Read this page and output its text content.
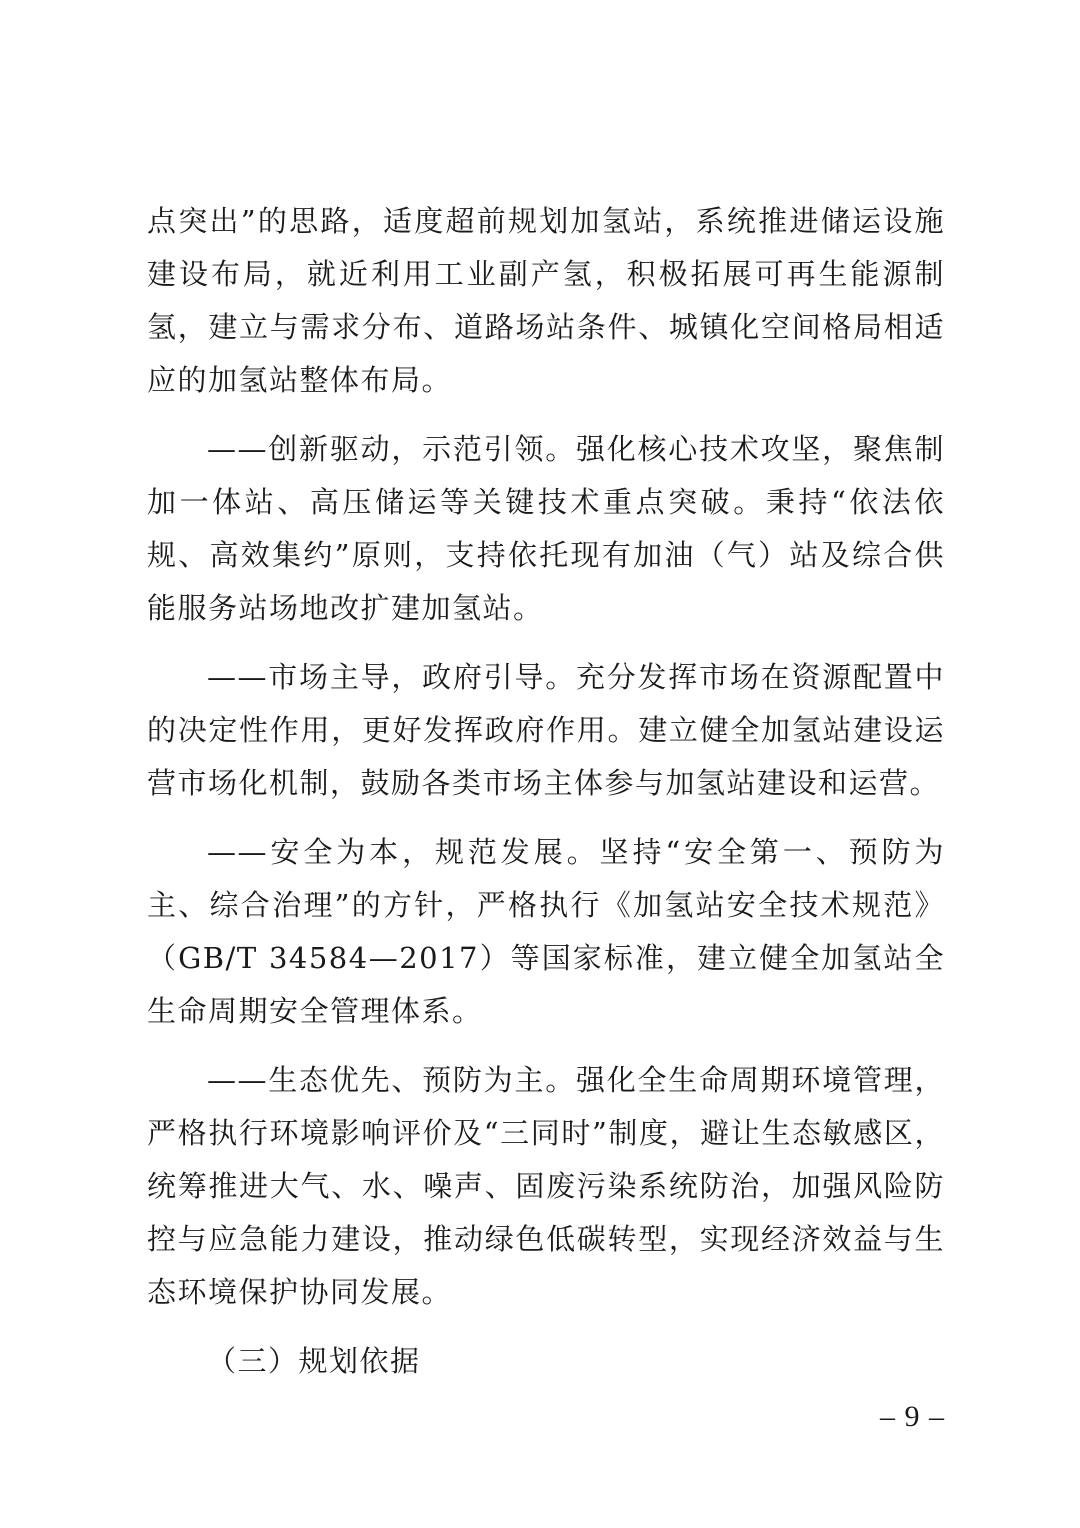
点突出”的思路，适度超前规划加氢站，系统推进储运设施建设布局，就近利用工业副产氢，积极拓展可再生能源制氢，建立与需求分布、道路场站条件、城镇化空间格局相适应的加氢站整体布局。

——创新驱动，示范引领。强化核心技术攻坚，聚焦制加一体站、高压储运等关键技术重点突破。秉持“依法依规、高效集约”原则，支持依托现有加油（气）站及综合供能服务站场地改扩建加氢站。

——市场主导，政府引导。充分发挥市场在资源配置中的决定性作用，更好发挥政府作用。建立健全加氢站建设运营市场化机制，鼓励各类市场主体参与加氢站建设和运营。

——安全为本，规范发展。坚持“安全第一、预防为主、综合治理”的方针，严格执行《加氢站安全技术规范》（GB/T 34584—2017）等国家标准，建立健全加氢站全生命周期安全管理体系。

——生态优先、预防为主。强化全生命周期环境管理，严格执行环境影响评价及“三同时”制度，避让生态敏感区，统筹推进大气、水、噪声、固废污染系统防治，加强风险防控与应急能力建设，推动绿色低碳转型，实现经济效益与生态环境保护协同发展。

（三）规划依据

– 9 –
